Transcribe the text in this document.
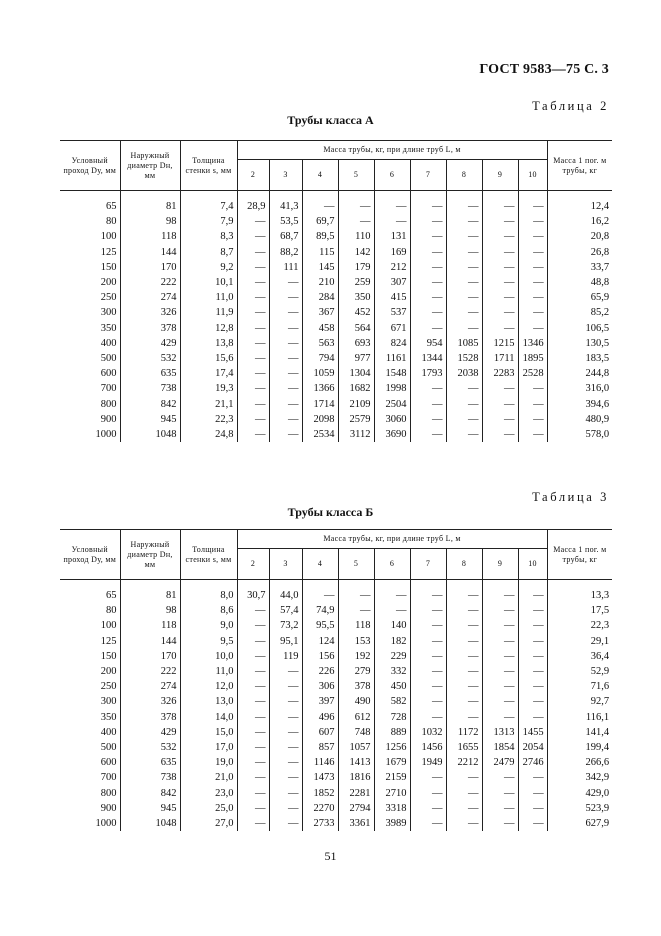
ГОСТ 9583—75 С. 3
Таблица 2
Трубы класса А
Условный проход Dу, мм	Наружный диаметр Dн, мм	Толщина стенки s, мм	Масса трубы, кг, при длине труб L, м									Масса 1 пог. м трубы, кг
			2	3	4	5	6	7	8	9	10	
65	81	7,4	28,9	41,3	—	—	—	—	—	—	—	12,4
80	98	7,9	—	53,5	69,7	—	—	—	—	—	—	16,2
100	118	8,3	—	68,7	89,5	110	131	—	—	—	—	20,8
125	144	8,7	—	88,2	115	142	169	—	—	—	—	26,8
150	170	9,2	—	111	145	179	212	—	—	—	—	33,7
200	222	10,1	—	—	210	259	307	—	—	—	—	48,8
250	274	11,0	—	—	284	350	415	—	—	—	—	65,9
300	326	11,9	—	—	367	452	537	—	—	—	—	85,2
350	378	12,8	—	—	458	564	671	—	—	—	—	106,5
400	429	13,8	—	—	563	693	824	954	1085	1215	1346	130,5
500	532	15,6	—	—	794	977	1161	1344	1528	1711	1895	183,5
600	635	17,4	—	—	1059	1304	1548	1793	2038	2283	2528	244,8
700	738	19,3	—	—	1366	1682	1998	—	—	—	—	316,0
800	842	21,1	—	—	1714	2109	2504	—	—	—	—	394,6
900	945	22,3	—	—	2098	2579	3060	—	—	—	—	480,9
1000	1048	24,8	—	—	2534	3112	3690	—	—	—	—	578,0
Таблица 3
Трубы класса Б
Условный проход Dу, мм	Наружный диаметр Dн, мм	Толщина стенки s, мм	Масса трубы, кг, при длине труб L, м									Масса 1 пог. м трубы, кг
			2	3	4	5	6	7	8	9	10	
65	81	8,0	30,7	44,0	—	—	—	—	—	—	—	13,3
80	98	8,6	—	57,4	74,9	—	—	—	—	—	—	17,5
100	118	9,0	—	73,2	95,5	118	140	—	—	—	—	22,3
125	144	9,5	—	95,1	124	153	182	—	—	—	—	29,1
150	170	10,0	—	119	156	192	229	—	—	—	—	36,4
200	222	11,0	—	—	226	279	332	—	—	—	—	52,9
250	274	12,0	—	—	306	378	450	—	—	—	—	71,6
300	326	13,0	—	—	397	490	582	—	—	—	—	92,7
350	378	14,0	—	—	496	612	728	—	—	—	—	116,1
400	429	15,0	—	—	607	748	889	1032	1172	1313	1455	141,4
500	532	17,0	—	—	857	1057	1256	1456	1655	1854	2054	199,4
600	635	19,0	—	—	1146	1413	1679	1949	2212	2479	2746	266,6
700	738	21,0	—	—	1473	1816	2159	—	—	—	—	342,9
800	842	23,0	—	—	1852	2281	2710	—	—	—	—	429,0
900	945	25,0	—	—	2270	2794	3318	—	—	—	—	523,9
1000	1048	27,0	—	—	2733	3361	3989	—	—	—	—	627,9
51
